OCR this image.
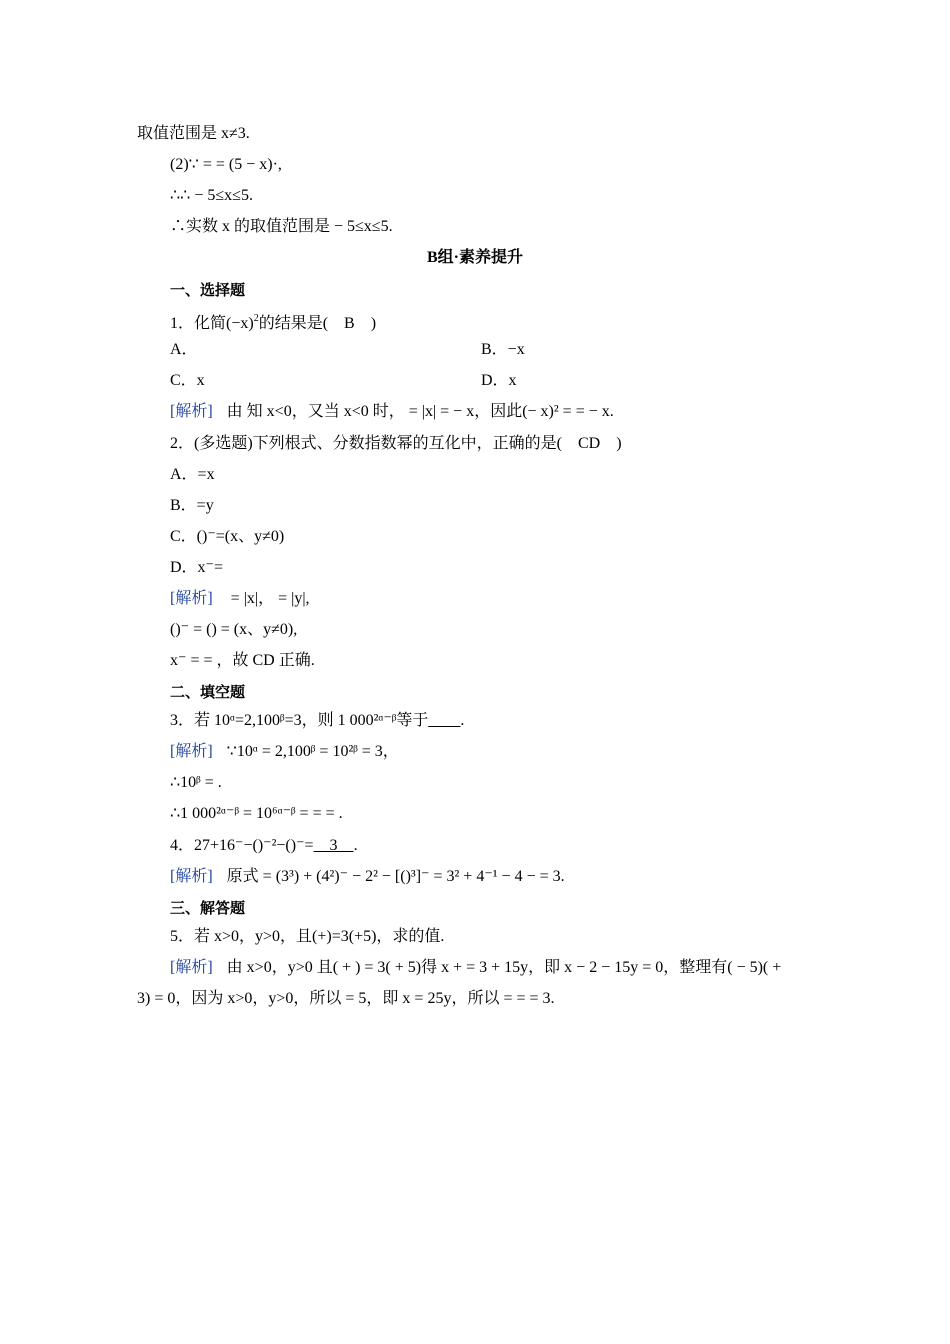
取值范围是 x≠3.
(2)∵ = = (5 − x)·,
∴∴ − 5≤x≤5.
∴实数 x 的取值范围是 − 5≤x≤5.
B组·素养提升
一、选择题
1．化简$(-x)^2$的结果是(　B　)
A．	B．−x
C．x	D．x
[解析] 由 知 x<0，又当 x<0 时， = |x| = − x，因此(− x)² = = − x.
2．(多选题)下列根式、分数指数幂的互化中，正确的是(　CD　)
A．=x
B．=y
C．()⁻=(x、y≠0)
D．x⁻=
[解析] = |x|， = |y|,
()⁻ = () = (x、y≠0),
x⁻ = = ，故 CD 正确.
二、填空题
3．若 10ᵅ=2,100ᵝ=3，则 1 000²ᵅ⁻ᵝ等于____.
[解析] ∵10ᵅ = 2,100ᵝ = 10²ᵝ = 3，
∴10ᵝ = .
∴1 000²ᵅ⁻ᵝ = 10⁶ᵅ⁻ᵝ = = = .
4．27+16⁻−()⁻²−()⁻=　3　.
[解析] 原式 = (3³) + (4²)⁻ − 2² − [()³]⁻ = 3² + 4⁻¹ − 4 − = 3.
三、解答题
5．若 x>0，y>0，且(+)=3(+5)，求的值.
[解析] 由 x>0，y>0 且( + ) = 3( + 5)得 x + = 3 + 15y，即 x − 2 − 15y = 0，整理有( − 5)( +
3) = 0，因为 x>0，y>0，所以 = 5，即 x = 25y，所以 = = = 3.
